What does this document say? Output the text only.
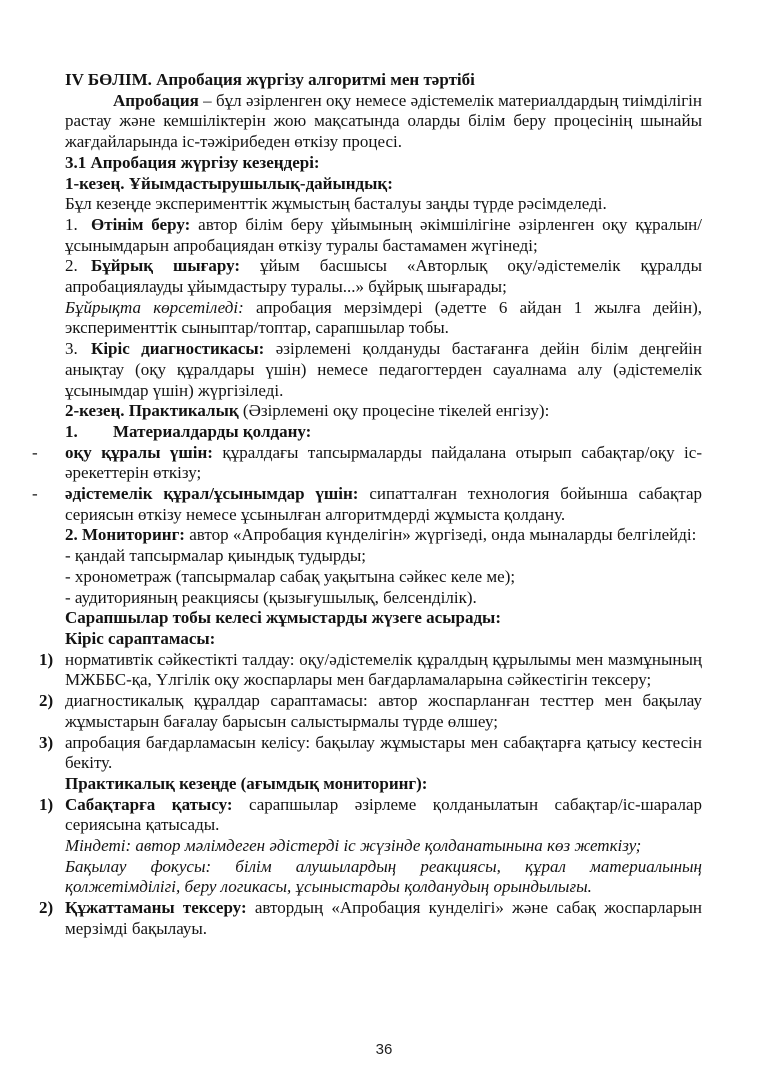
IV БӨЛІМ. Апробация жүргізу алгоритмі мен тәртібі

Апробация – бұл әзірленген оқу немесе әдістемелік материалдардың тиімділігін растау және кемшіліктерін жою мақсатында оларды білім беру процесінің шынайы жағдайларында іс-тәжірибеден өткізу процесі.

3.1 Апробация жүргізу кезеңдері:

1-кезең. Ұйымдастырушылық-дайындық:

Бұл кезеңде эксперименттік жұмыстың басталуы заңды түрде рәсімделеді.

1. Өтінім беру: автор білім беру ұйымының әкімшілігіне әзірленген оқу құралын/ұсынымдарын апробациядан өткізу туралы бастамамен жүгінеді;

2. Бұйрық шығару: ұйым басшысы «Авторлық оқу/әдістемелік құралды апробациялауды ұйымдастыру туралы...» бұйрық шығарады;

Бұйрықта көрсетіледі: апробация мерзімдері (әдетте 6 айдан 1 жылға дейін), эксперименттік сыныптар/топтар, сарапшылар тобы.

3. Кіріс диагностикасы: әзірлемені қолдануды бастағанға дейін білім деңгейін анықтау (оқу құралдары үшін) немесе педагогтерден сауалнама алу (әдістемелік ұсынымдар үшін) жүргізіледі.

2-кезең. Практикалық (Әзірлемені оқу процесіне тікелей енгізу):

1. Материалдарды қолдану:

- оқу құралы үшін: құралдағы тапсырмаларды пайдалана отырып сабақтар/оқу іс-әрекеттерін өткізу;

- әдістемелік құрал/ұсынымдар үшін: сипатталған технология бойынша сабақтар сериясын өткізу немесе ұсынылған алгоритмдерді жұмыста қолдану.

2. Мониторинг: автор «Апробация күнделігін» жүргізеді, онда мыналарды белгілейді:

- қандай тапсырмалар қиындық тудырды;

- хронометраж (тапсырмалар сабақ уақытына сәйкес келе ме);

- аудиторияның реакциясы (қызығушылық, белсенділік).

Сарапшылар тобы келесі жұмыстарды жүзеге асырады:

Кіріс сараптамасы:

1) нормативтік сәйкестікті талдау: оқу/әдістемелік құралдың құрылымы мен мазмұнының МЖББС-қа, Үлгілік оқу жоспарлары мен бағдарламаларына сәйкестігін тексеру;

2) диагностикалық құралдар сараптамасы: автор жоспарланған тесттер мен бақылау жұмыстарын бағалау барысын салыстырмалы түрде өлшеу;

3) апробация бағдарламасын келісу: бақылау жұмыстары мен сабақтарға қатысу кестесін бекіту.

Практикалық кезеңде (ағымдық мониторинг):

1) Сабақтарға қатысу: сарапшылар әзірлеме қолданылатын сабақтар/іс-шаралар сериясына қатысады.

Міндеті: автор мәлімдеген әдістерді іс жүзінде қолданатынына көз жеткізу;

Бақылау фокусы: білім алушылардың реакциясы, құрал материалының қолжетімділігі, беру логикасы, ұсыныстарды қолданудың орындылығы.

2) Құжаттаманы тексеру: автордың «Апробация кунделігі» және сабақ жоспарларын мерзімді бақылауы.

36
